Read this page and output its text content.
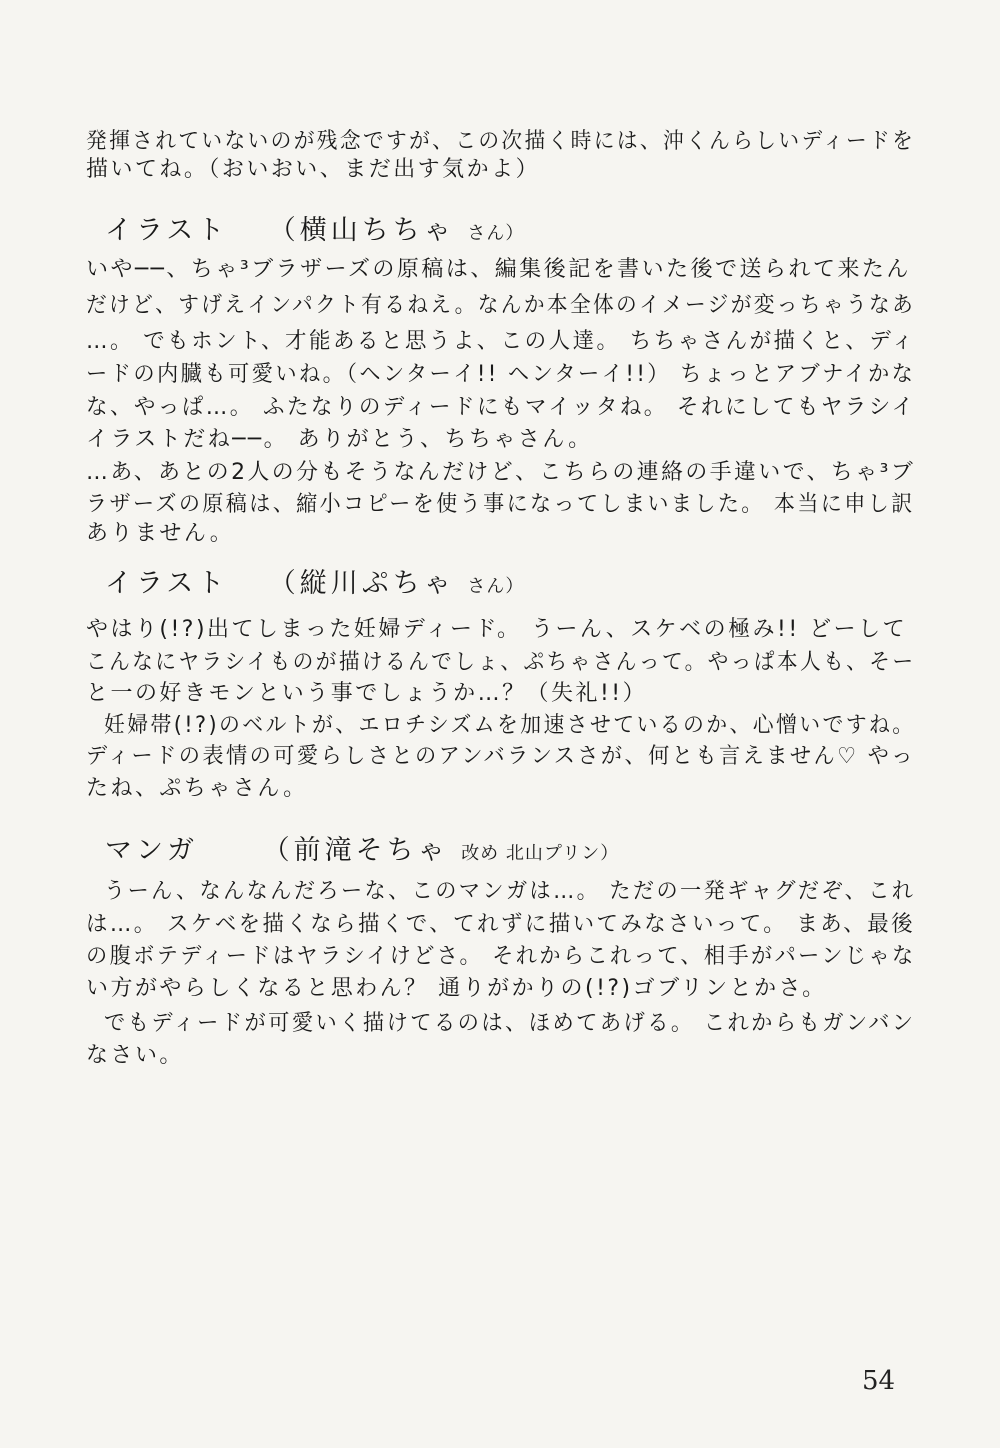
発揮されていないのが残念ですが、この次描く時には、沖くんらしいディードを
描いてね。（おいおい、まだ出す気かよ）
イラスト （横山ちちゃ さん）
いや──、ちゃ³ブラザーズの原稿は、編集後記を書いた後で送られて来たん
だけど、すげえインパクト有るねえ。なんか本全体のイメージが変っちゃうなあ
…。 でもホント、才能あると思うよ、この人達。 ちちゃさんが描くと、ディ
ードの内臓も可愛いね。（ヘンターイ!! ヘンターイ!!） ちょっとアブナイかな
な、やっぱ…。 ふたなりのディードにもマイッタね。 それにしてもヤラシイ
イラストだね──。 ありがとう、ちちゃさん。
…あ、あとの2人の分もそうなんだけど、こちらの連絡の手違いで、ちゃ³ブ
ラザーズの原稿は、縮小コピーを使う事になってしまいました。 本当に申し訳
ありません。
イラスト （縦川ぷちゃ さん）
やはり(!?)出てしまった妊婦ディード。 うーん、スケベの極み!! どーして
こんなにヤラシイものが描けるんでしょ、ぷちゃさんって。やっぱ本人も、そー
と一の好きモンという事でしょうか…？（失礼!!）
妊婦帯(!?)のベルトが、エロチシズムを加速させているのか、心憎いですね。
ディードの表情の可愛らしさとのアンバランスさが、何とも言えません♡ やっ
たね、ぷちゃさん。
マンガ （前滝そちゃ 改め 北山プリン）
うーん、なんなんだろーな、このマンガは…。 ただの一発ギャグだぞ、これ
は…。 スケベを描くなら描くで、てれずに描いてみなさいって。 まあ、最後
の腹ボテディードはヤラシイけどさ。 それからこれって、相手がパーンじゃな
い方がやらしくなると思わん？ 通りがかりの(!?)ゴブリンとかさ。
でもディードが可愛いく描けてるのは、ほめてあげる。 これからもガンバン
なさい。
54
